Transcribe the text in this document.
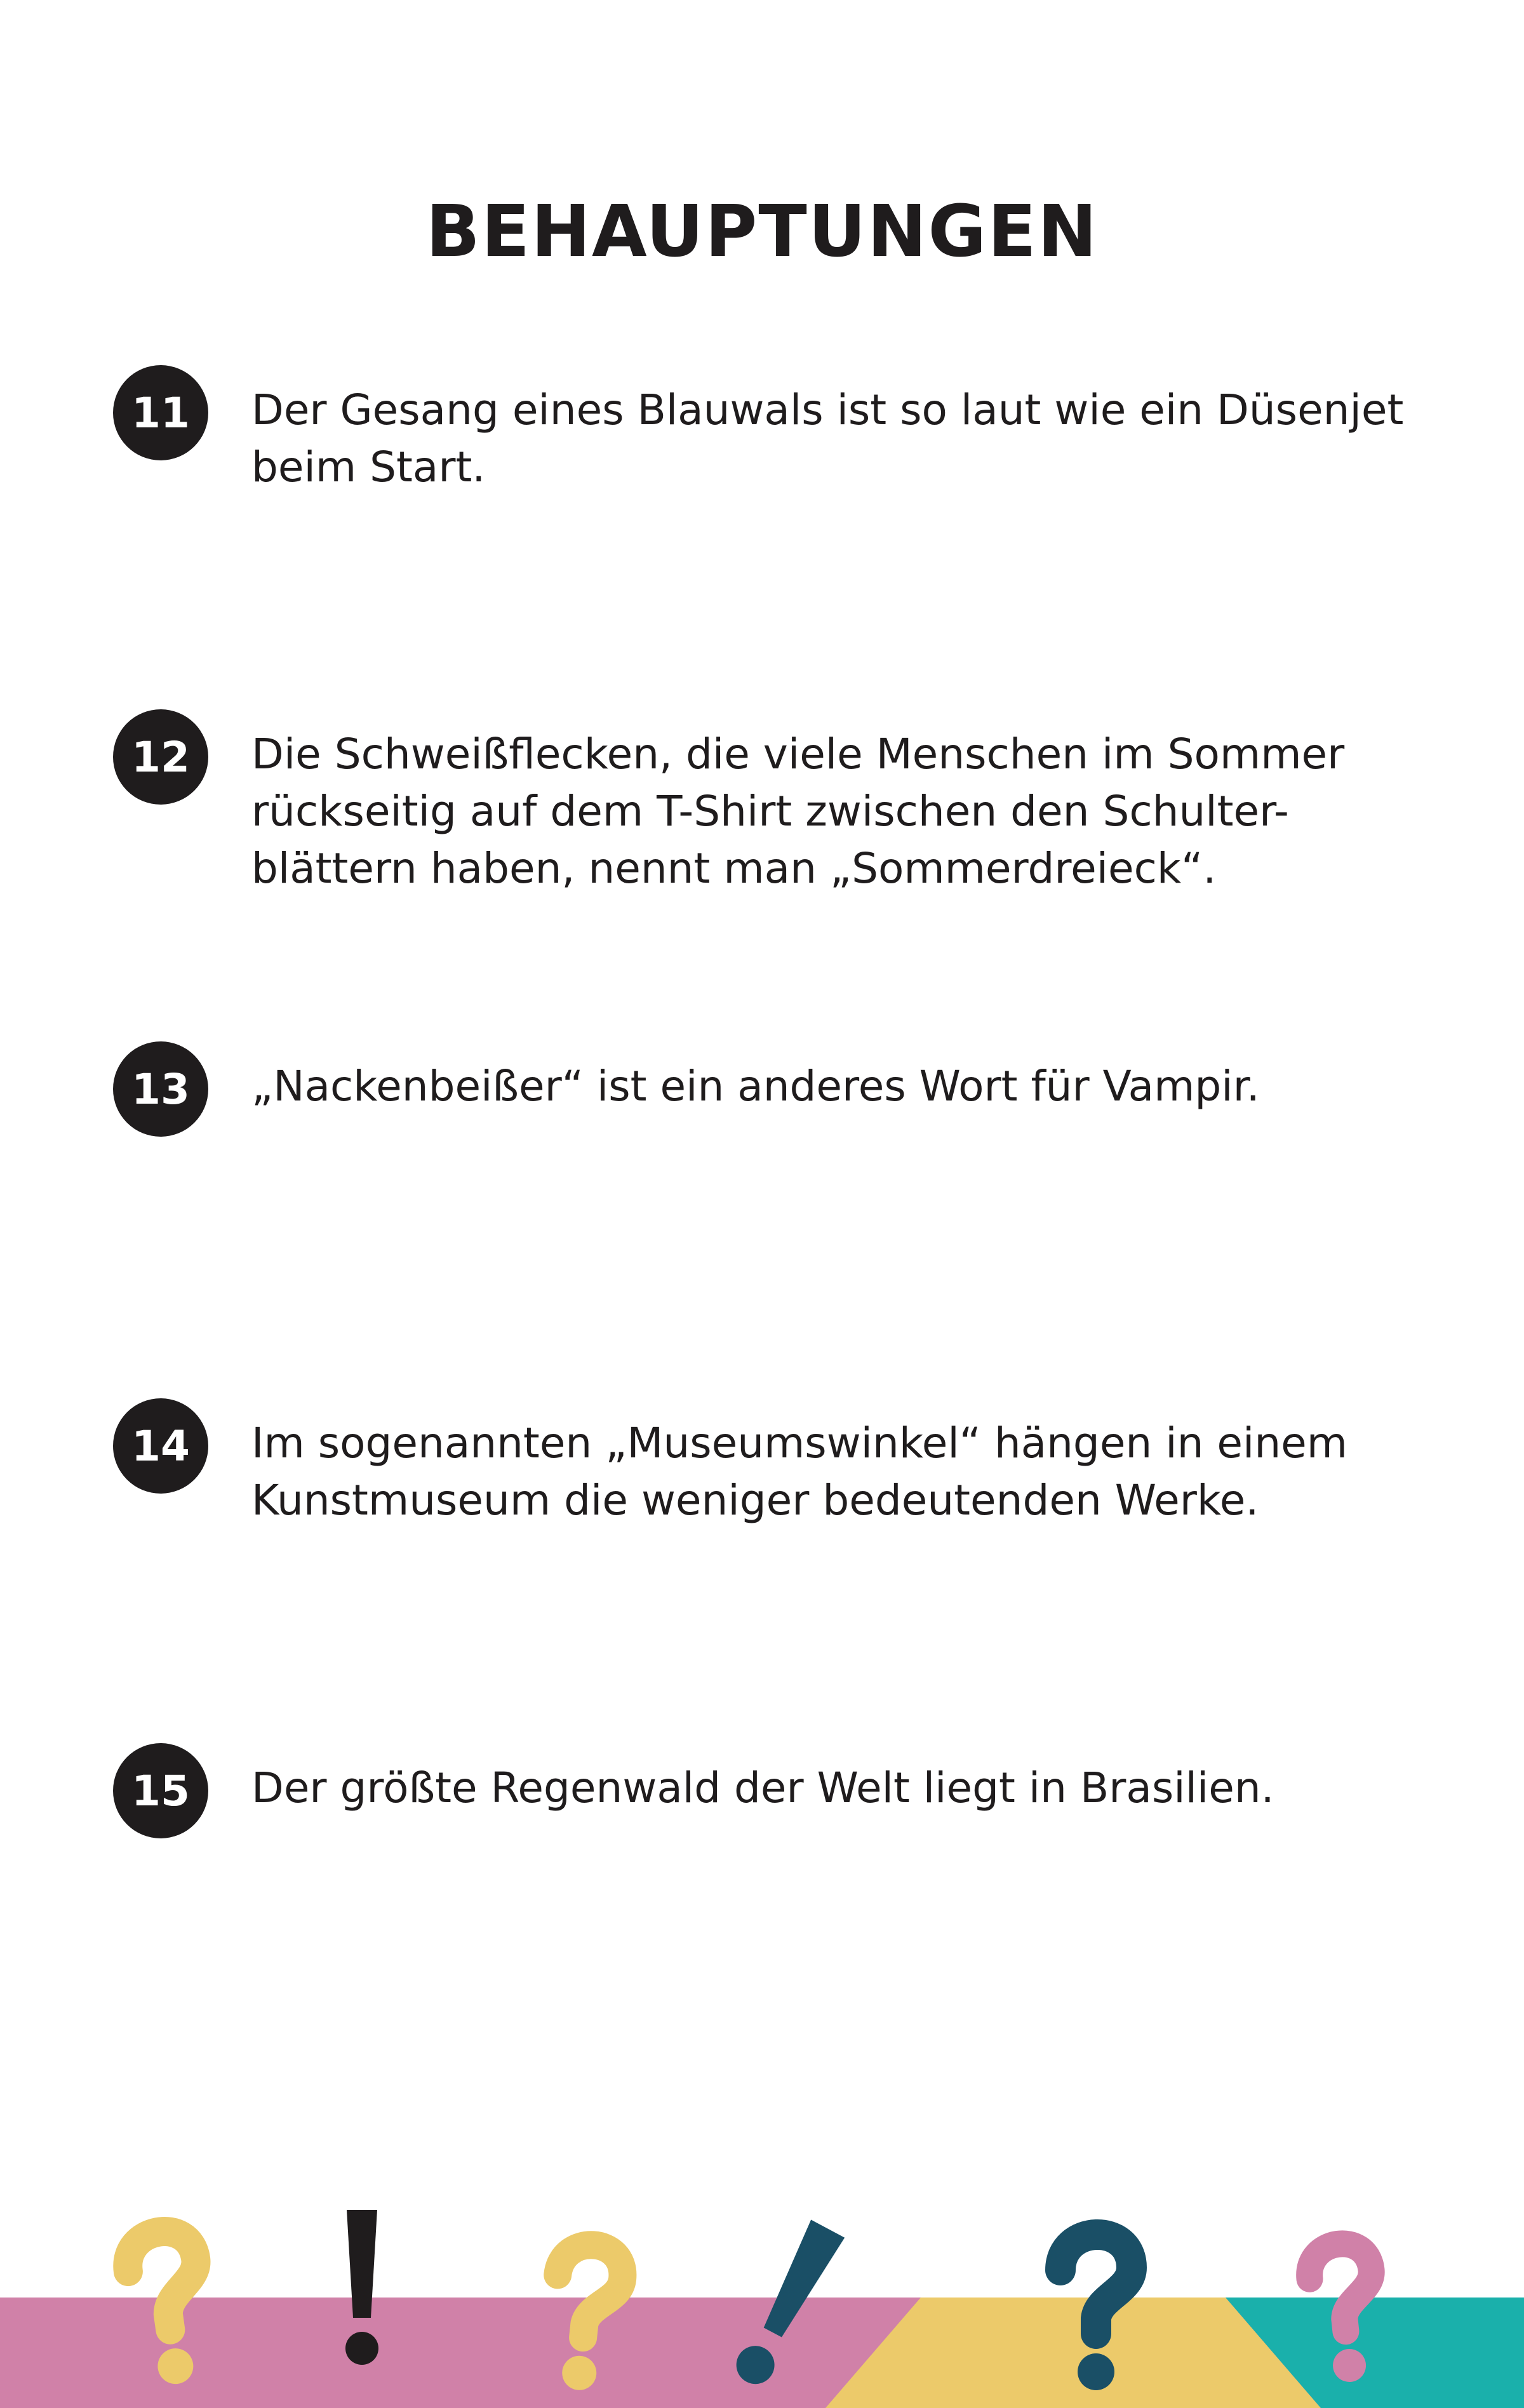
BEHAUPTUNGEN
11	Der Gesang eines Blauwals ist so laut wie ein Düsenjet beim Start.

12	Die Schweißflecken, die viele Menschen im Sommer rückseitig auf dem T-Shirt zwischen den Schulter-blättern haben, nennt man „Sommerdreieck“.

13	„Nackenbeißer“ ist ein anderes Wort für Vampir.

14	Im sogenannten „Museumswinkel“ hängen in einem Kunstmuseum die weniger bedeutenden Werke.

15	Der größte Regenwald der Welt liegt in Brasilien.
